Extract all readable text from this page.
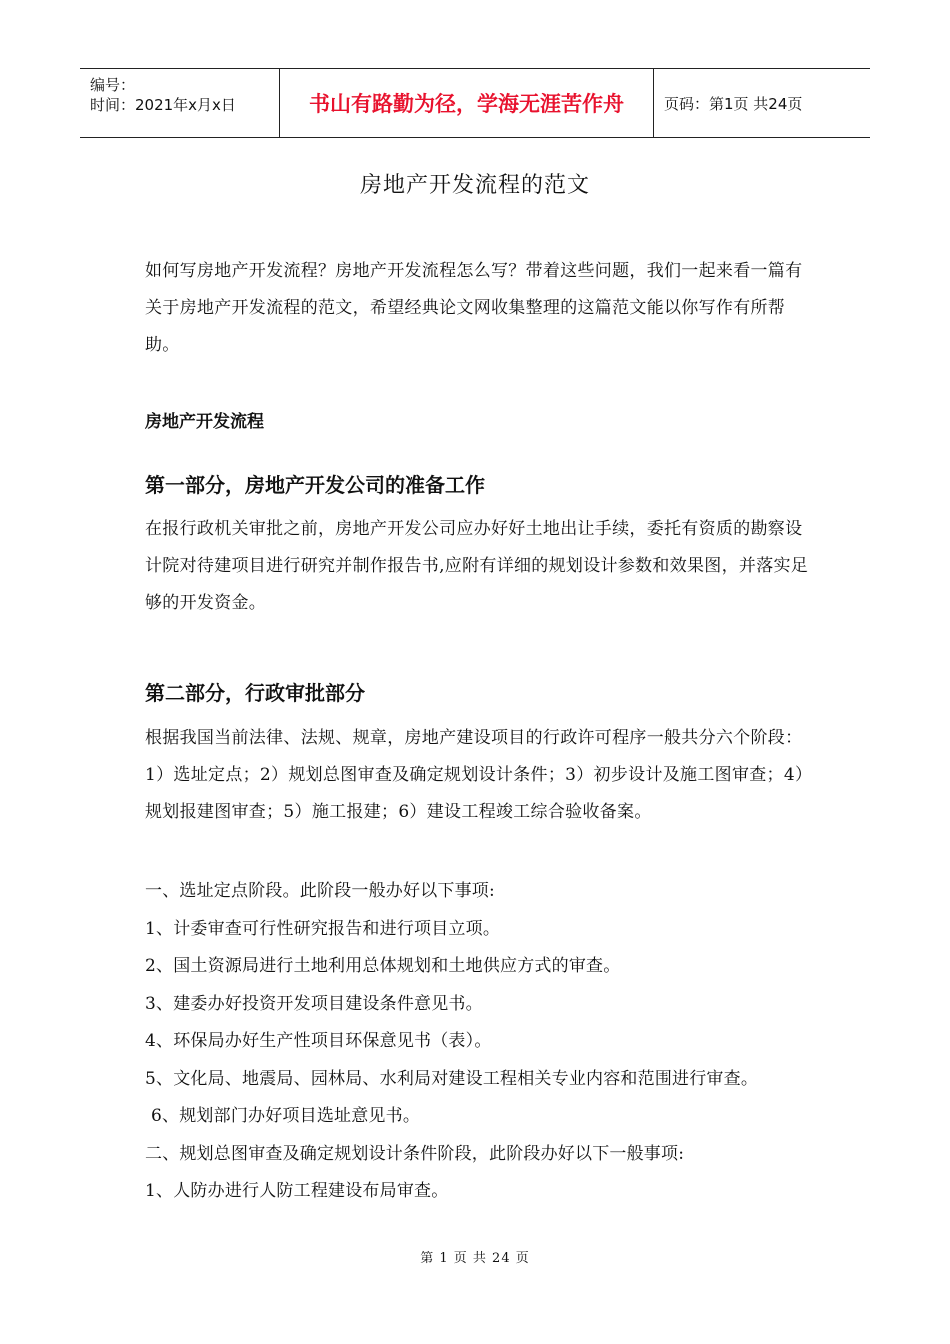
编号：
时间：2021年x月x日	书山有路勤为径，学海无涯苦作舟	页码：第1页 共24页
房地产开发流程的范文

如何写房地产开发流程？房地产开发流程怎么写？带着这些问题，我们一起来看一篇有关于房地产开发流程的范文，希望经典论文网收集整理的这篇范文能以你写作有所帮助。

房地产开发流程
第一部分，房地产开发公司的准备工作

在报行政机关审批之前，房地产开发公司应办好好土地出让手续，委托有资质的勘察设计院对待建项目进行研究并制作报告书,应附有详细的规划设计参数和效果图，并落实足够的开发资金。

第二部分，行政审批部分

根据我国当前法律、法规、规章，房地产建设项目的行政许可程序一般共分六个阶段：1）选址定点；2）规划总图审查及确定规划设计条件；3）初步设计及施工图审查；4）规划报建图审查；5）施工报建；6）建设工程竣工综合验收备案。

一、选址定点阶段。此阶段一般办好以下事项:
1、计委审查可行性研究报告和进行项目立项。
2、国土资源局进行土地利用总体规划和土地供应方式的审查。
3、建委办好投资开发项目建设条件意见书。
4、环保局办好生产性项目环保意见书（表）。
5、文化局、地震局、园林局、水利局对建设工程相关专业内容和范围进行审查。
6、规划部门办好项目选址意见书。
二、规划总图审查及确定规划设计条件阶段，此阶段办好以下一般事项:
1、人防办进行人防工程建设布局审查。
第 1 页 共 24 页
